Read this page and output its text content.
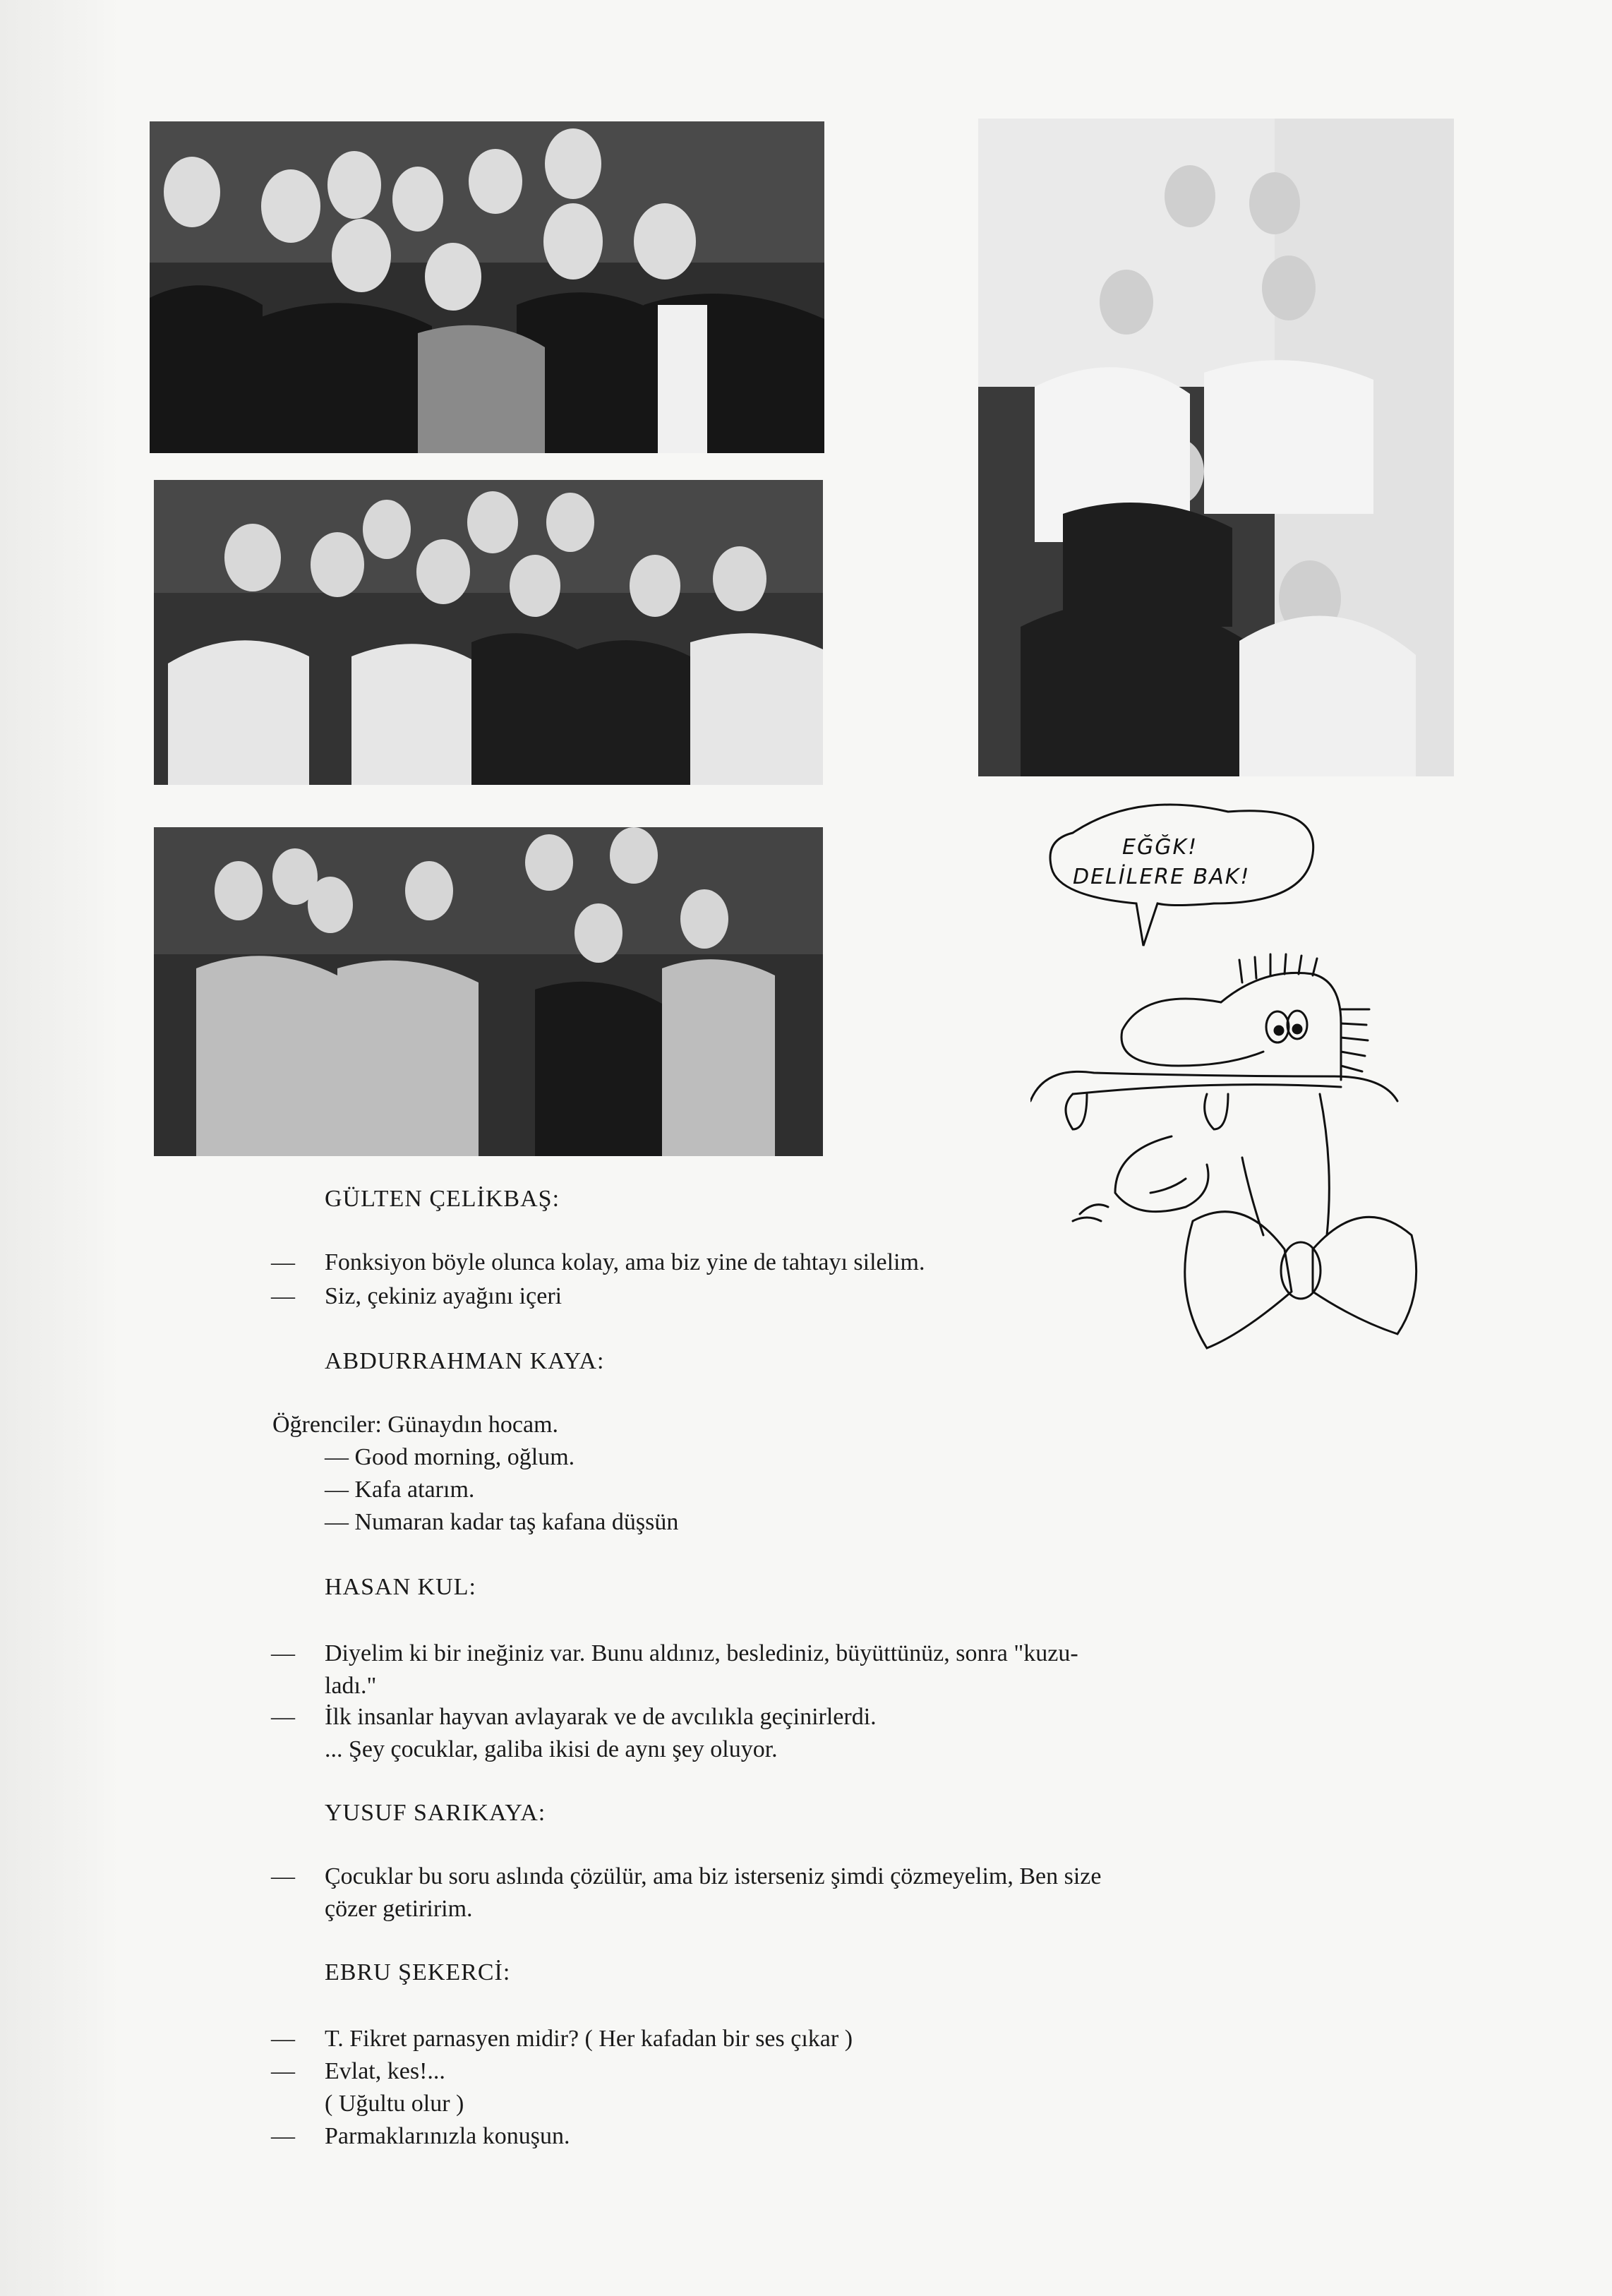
EĞĞK!
DELİLERE BAK!
GÜLTEN ÇELİKBAŞ:
— Fonksiyon böyle olunca kolay, ama biz yine de tahtayı silelim.
— Siz, çekiniz ayağını içeri
ABDURRAHMAN KAYA:
Öğrenciler: Günaydın hocam.
— Good morning, oğlum.
— Kafa atarım.
— Numaran kadar taş kafana düşsün
HASAN KUL:
— Diyelim ki bir ineğiniz var. Bunu aldınız, beslediniz, büyüttünüz, sonra "kuzu-
ladı."
— İlk insanlar hayvan avlayarak ve de avcılıkla geçinirlerdi.
... Şey çocuklar, galiba ikisi de aynı şey oluyor.
YUSUF SARIKAYA:
— Çocuklar bu soru aslında çözülür, ama biz isterseniz şimdi çözmeyelim, Ben size
çözer getiririm.
EBRU ŞEKERCİ:
— T. Fikret parnasyen midir? ( Her kafadan bir ses çıkar )
— Evlat, kes!...
( Uğultu olur )
— Parmaklarınızla konuşun.
